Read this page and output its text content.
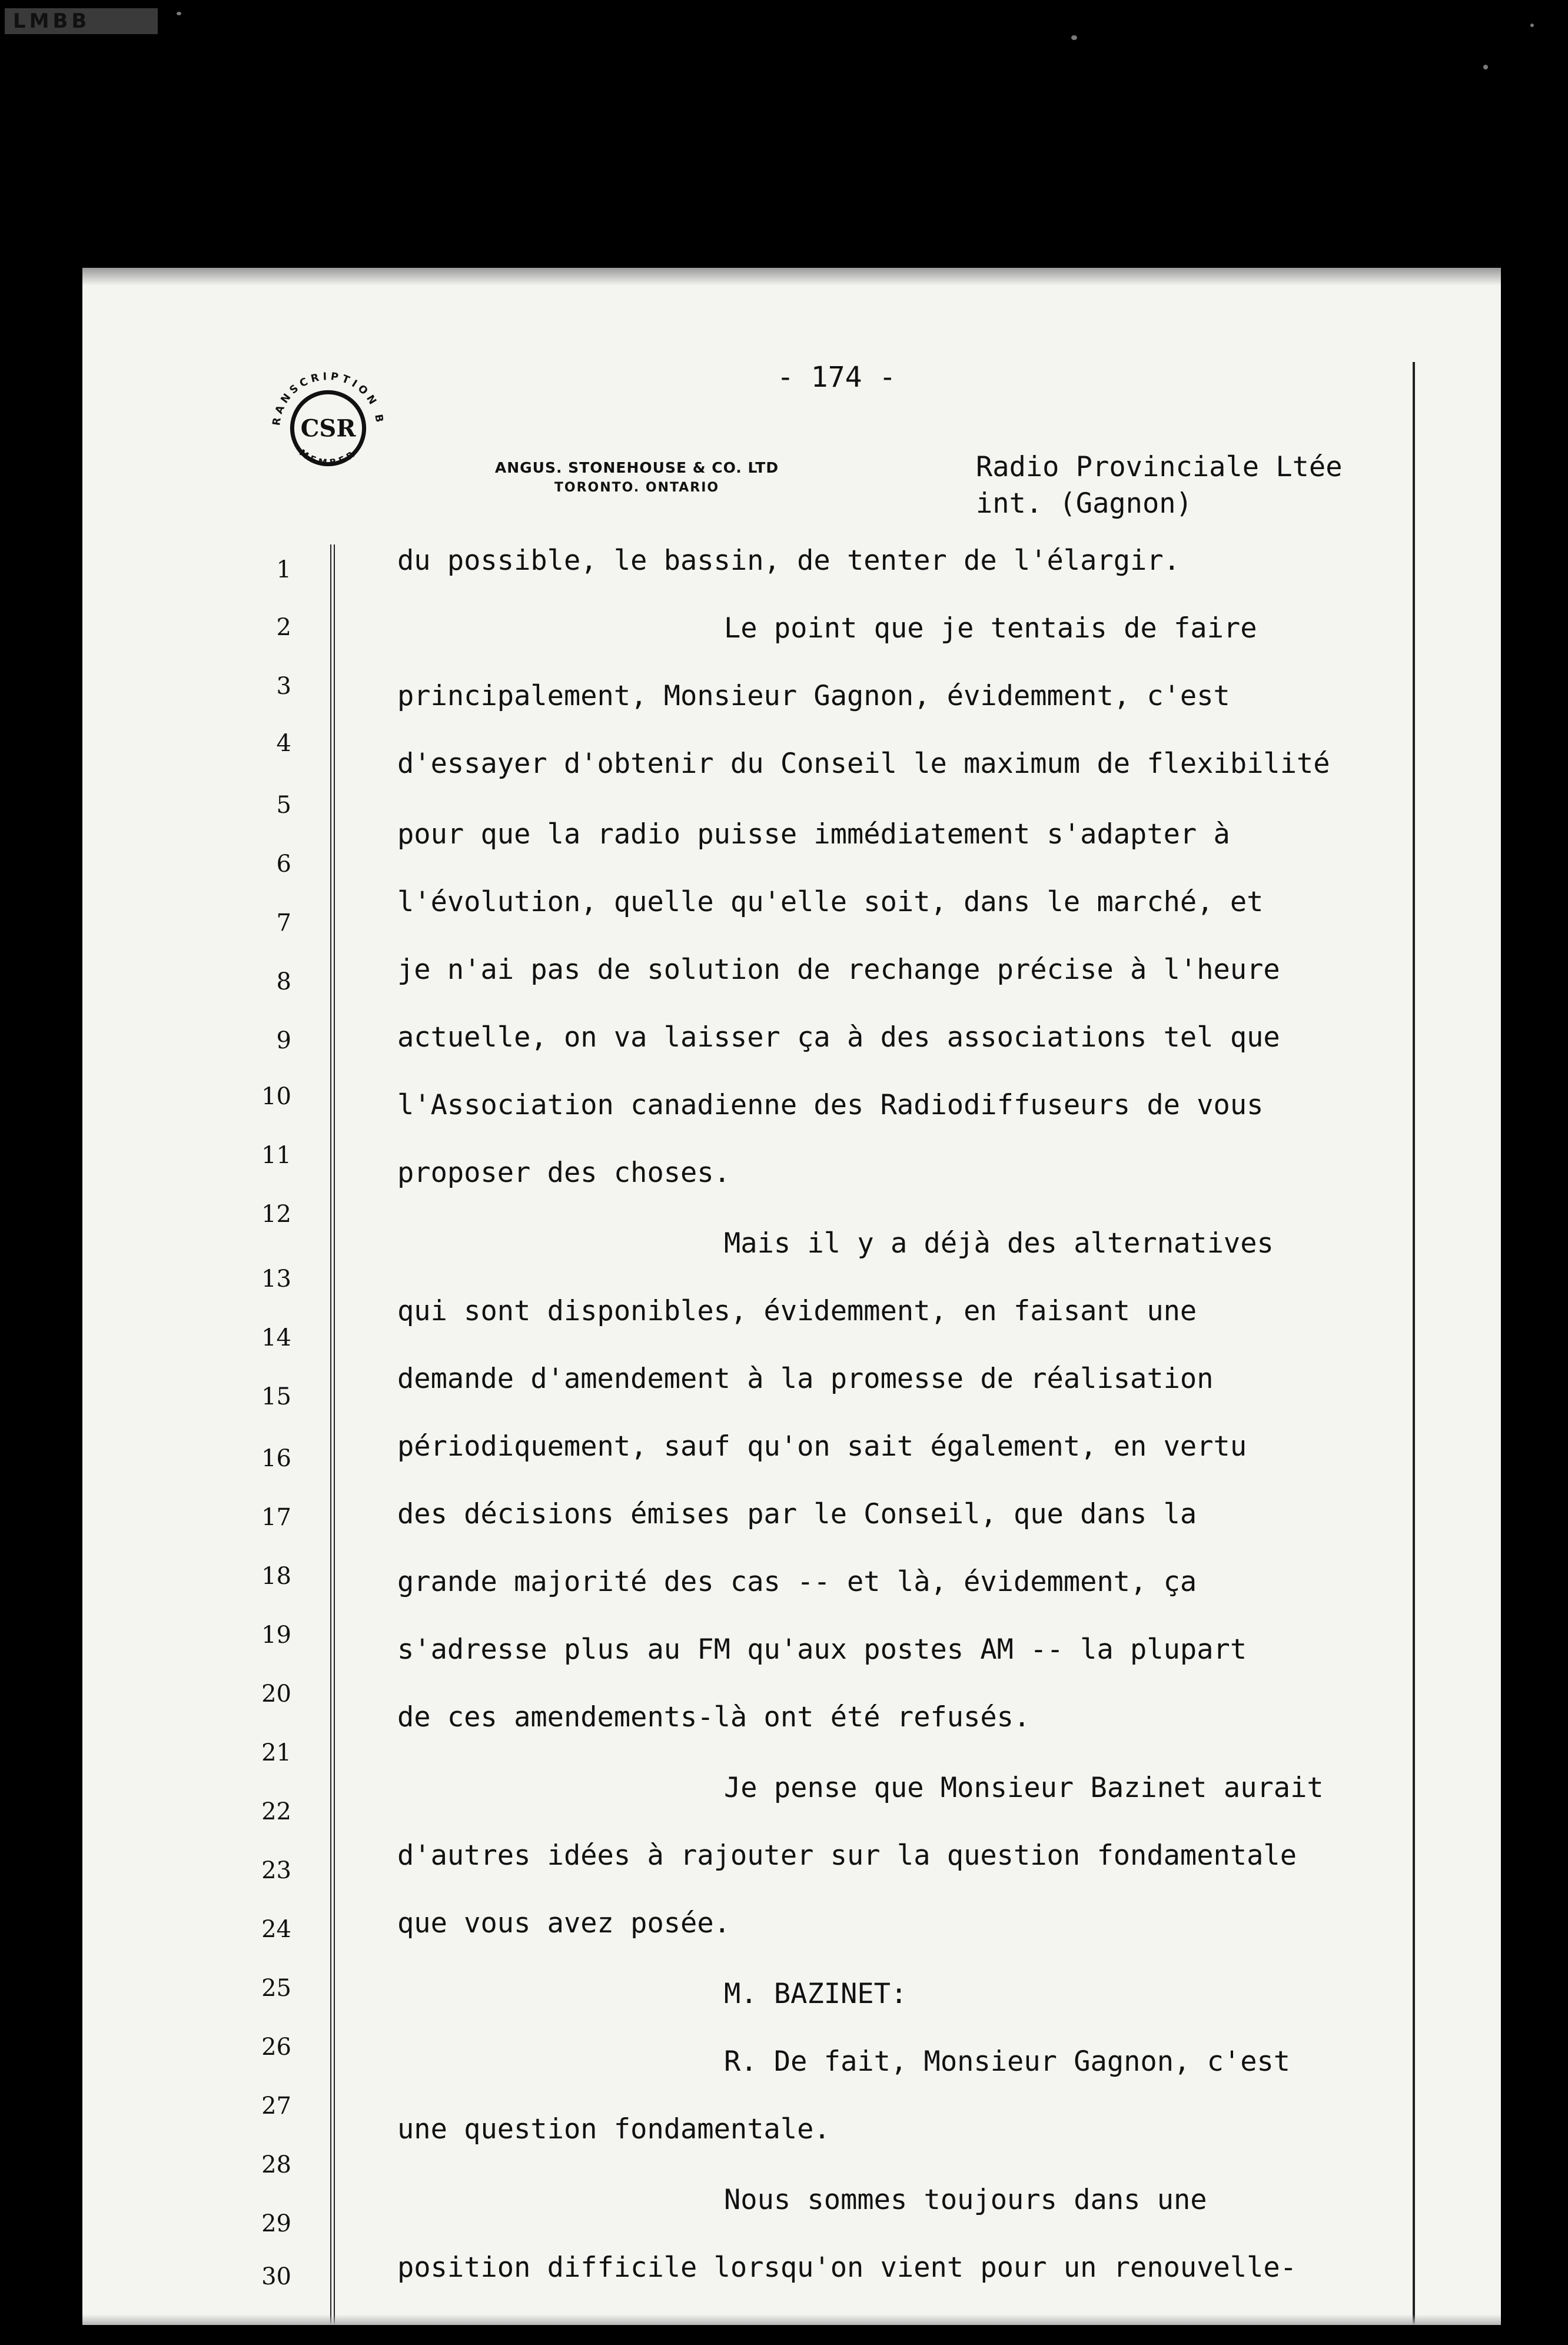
LMBB
RANSCRIPTION B
MEMBER
CSR
ANGUS. STONEHOUSE & CO. LTD
TORONTO. ONTARIO
- 174 -
Radio Provinciale Ltée
int. (Gagnon)
1
2
3
4
5
6
7
8
9
10
11
12
13
14
15
16
17
18
19
20
21
22
23
24
25
26
27
28
29
30
du possible, le bassin, de tenter de l'élargir.
Le point que je tentais de faire
principalement, Monsieur Gagnon, évidemment, c'est
d'essayer d'obtenir du Conseil le maximum de flexibilité
pour que la radio puisse immédiatement s'adapter à
l'évolution, quelle qu'elle soit, dans le marché, et
je n'ai pas de solution de rechange précise à l'heure
actuelle, on va laisser ça à des associations tel que
l'Association canadienne des Radiodiffuseurs de vous
proposer des choses.
Mais il y a déjà des alternatives
qui sont disponibles, évidemment, en faisant une
demande d'amendement à la promesse de réalisation
périodiquement, sauf qu'on sait également, en vertu
des décisions émises par le Conseil, que dans la
grande majorité des cas -- et là, évidemment, ça
s'adresse plus au FM qu'aux postes AM -- la plupart
de ces amendements-là ont été refusés.
Je pense que Monsieur Bazinet aurait
d'autres idées à rajouter sur la question fondamentale
que vous avez posée.
M. BAZINET:
R. De fait, Monsieur Gagnon, c'est
une question fondamentale.
Nous sommes toujours dans une
position difficile lorsqu'on vient pour un renouvelle-
